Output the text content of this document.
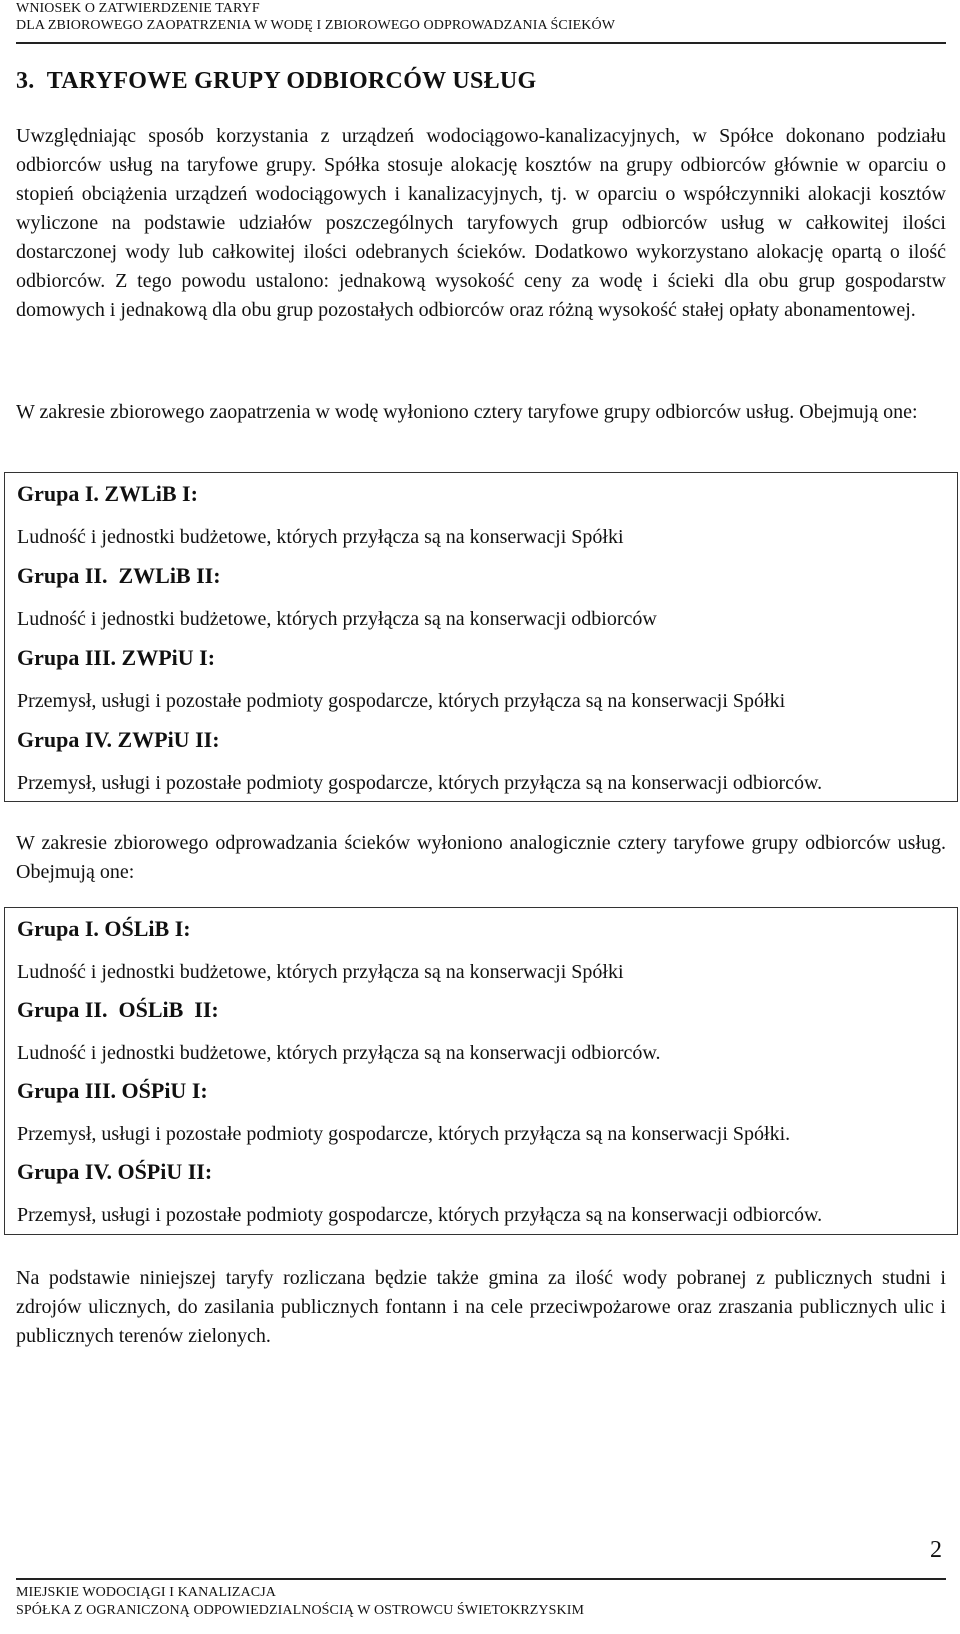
WNIOSEK O ZATWIERDZENIE TARYF
DLA ZBIOROWEGO ZAOPATRZENIA W WODĘ I ZBIOROWEGO ODPROWADZANIA ŚCIEKÓW
3.  TARYFOWE GRUPY ODBIORCÓW USŁUG
Uwzględniając sposób korzystania z urządzeń wodociągowo-kanalizacyjnych, w Spółce dokonano podziału odbiorców usług na taryfowe grupy. Spółka stosuje alokację kosztów na grupy odbiorców głównie w oparciu o stopień obciążenia urządzeń wodociągowych i kanalizacyjnych, tj. w oparciu o współczynniki alokacji kosztów wyliczone na podstawie udziałów poszczególnych taryfowych grup odbiorców usług w całkowitej ilości dostarczonej wody lub całkowitej ilości odebranych ścieków. Dodatkowo wykorzystano alokację opartą o ilość odbiorców. Z tego powodu ustalono: jednakową wysokość ceny za wodę i ścieki dla obu grup gospodarstw domowych i jednakową dla obu grup pozostałych odbiorców oraz różną wysokość stałej opłaty abonamentowej.
W zakresie zbiorowego zaopatrzenia w wodę wyłoniono cztery taryfowe grupy odbiorców usług. Obejmują one:
Grupa I. ZWLiB I:
Ludność i jednostki budżetowe, których przyłącza są na konserwacji Spółki
Grupa II.  ZWLiB II:
Ludność i jednostki budżetowe, których przyłącza są na konserwacji odbiorców
Grupa III. ZWPiU I:
Przemysł, usługi i pozostałe podmioty gospodarcze, których przyłącza są na konserwacji Spółki
Grupa IV. ZWPiU II:
Przemysł, usługi i pozostałe podmioty gospodarcze, których przyłącza są na konserwacji odbiorców.
W zakresie zbiorowego odprowadzania ścieków wyłoniono analogicznie cztery taryfowe grupy odbiorców usług. Obejmują one:
Grupa I. OŚLiB I:
Ludność i jednostki budżetowe, których przyłącza są na konserwacji Spółki
Grupa II.  OŚLiB  II:
Ludność i jednostki budżetowe, których przyłącza są na konserwacji odbiorców.
Grupa III. OŚPiU I:
Przemysł, usługi i pozostałe podmioty gospodarcze, których przyłącza są na konserwacji Spółki.
Grupa IV. OŚPiU II:
Przemysł, usługi i pozostałe podmioty gospodarcze, których przyłącza są na konserwacji odbiorców.
Na podstawie niniejszej taryfy rozliczana będzie także gmina za ilość wody pobranej z publicznych studni i zdrojów ulicznych, do zasilania publicznych fontann i na cele przeciwpożarowe oraz zraszania publicznych ulic i publicznych terenów zielonych.
2
MIEJSKIE WODOCIĄGI I KANALIZACJA
SPÓŁKA Z OGRANICZONĄ ODPOWIEDZIALNOŚCIĄ W OSTROWCU ŚWIETOKRZYSKIM
